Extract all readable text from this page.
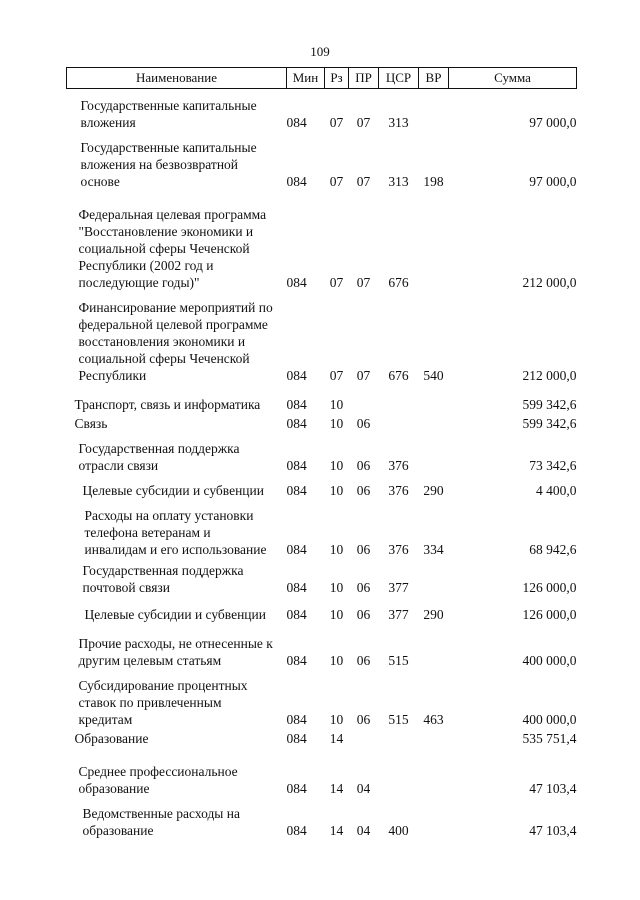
109
Наименование	Мин	Рз	ПР	ЦСР	ВР	Сумма

Государственные капитальные вложения	084	07	07	313		97 000,0

Государственные капитальные вложения на безвозвратной основе	084	07	07	313	198	97 000,0

Федеральная целевая программа "Восстановление экономики и социальной сферы Чеченской Республики (2002 год и последующие годы)"	084	07	07	676		212 000,0

Финансирование мероприятий по федеральной целевой программе восстановления экономики и социальной сферы Чеченской Республики	084	07	07	676	540	212 000,0

Транспорт, связь и информатика	084	10				599 342,6

Связь	084	10	06			599 342,6

Государственная поддержка отрасли связи	084	10	06	376		73 342,6

Целевые субсидии и субвенции	084	10	06	376	290	4 400,0

Расходы на оплату установки телефона ветеранам и инвалидам и его использование	084	10	06	376	334	68 942,6

Государственная поддержка почтовой связи	084	10	06	377		126 000,0

Целевые субсидии и субвенции	084	10	06	377	290	126 000,0

Прочие расходы, не отнесенные к другим целевым статьям	084	10	06	515		400 000,0

Субсидирование процентных ставок по привлеченным кредитам	084	10	06	515	463	400 000,0

Образование	084	14				535 751,4

Среднее профессиональное образование	084	14	04			47 103,4

Ведомственные расходы на образование	084	14	04	400		47 103,4
